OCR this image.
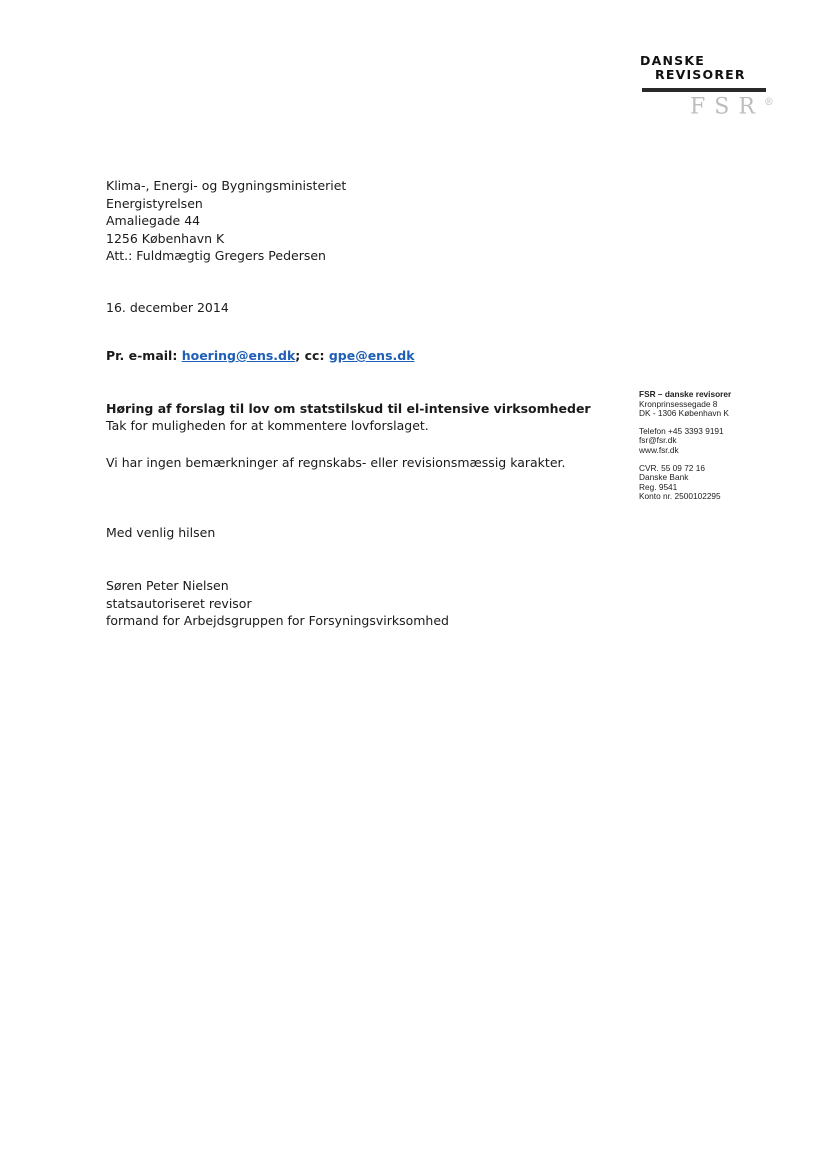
DANSKE
REVISORER
FSR®
Klima-, Energi- og Bygningsministeriet
Energistyrelsen
Amaliegade 44
1256 København K
Att.: Fuldmægtig Gregers Pedersen
16. december 2014
Pr. e-mail: hoering@ens.dk; cc: gpe@ens.dk
Høring af forslag til lov om statstilskud til el-intensive virksomheder
Tak for muligheden for at kommentere lovforslaget.
Vi har ingen bemærkninger af regnskabs- eller revisionsmæssig karakter.
Med venlig hilsen
Søren Peter Nielsen
statsautoriseret revisor
formand for Arbejdsgruppen for Forsyningsvirksomhed
FSR – danske revisorer
Kronprinsessegade 8
DK - 1306 København K
Telefon +45 3393 9191
fsr@fsr.dk
www.fsr.dk
CVR. 55 09 72 16
Danske Bank
Reg. 9541
Konto nr. 2500102295
